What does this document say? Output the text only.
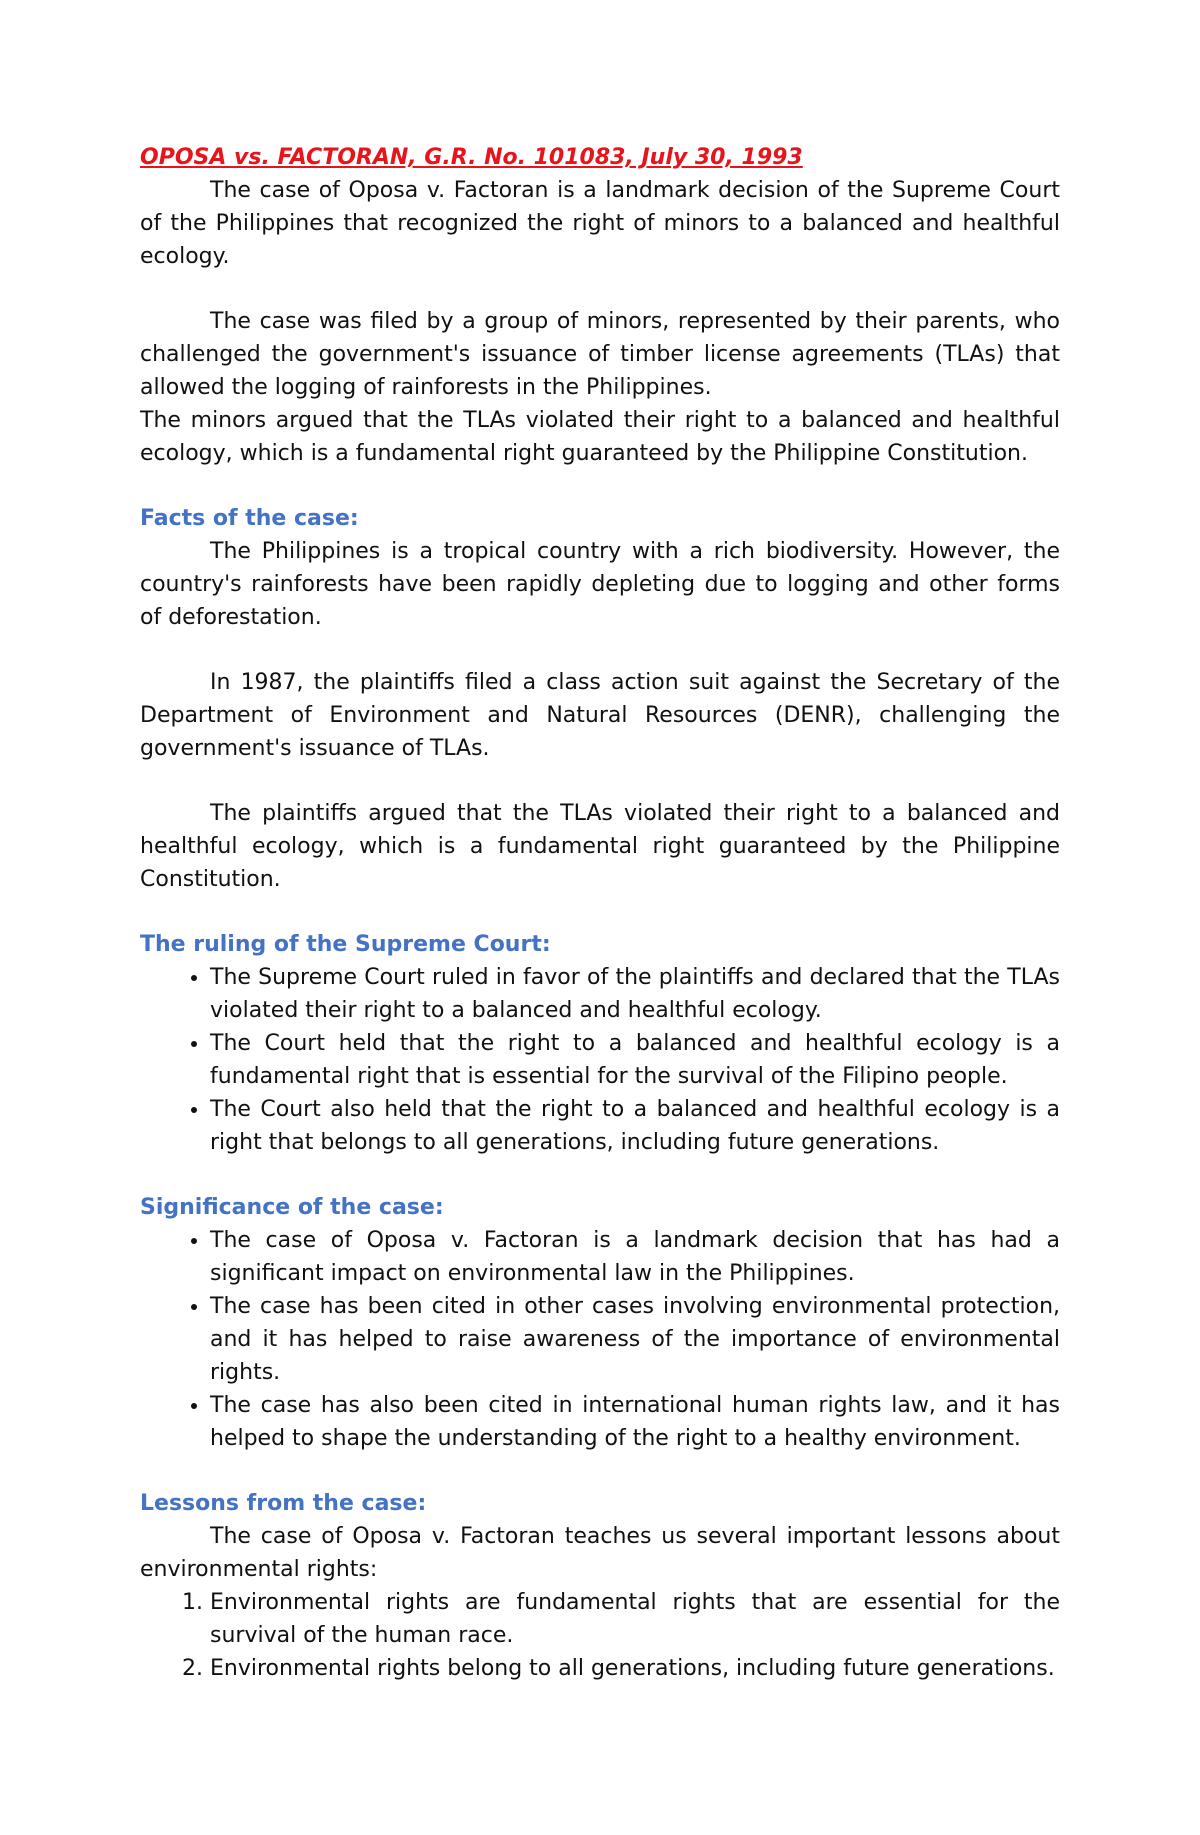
OPOSA vs. FACTORAN, G.R. No. 101083, July 30, 1993

The case of Oposa v. Factoran is a landmark decision of the Supreme Court of the Philippines that recognized the right of minors to a balanced and healthful ecology.

The case was filed by a group of minors, represented by their parents, who challenged the government's issuance of timber license agreements (TLAs) that allowed the logging of rainforests in the Philippines.

The minors argued that the TLAs violated their right to a balanced and healthful ecology, which is a fundamental right guaranteed by the Philippine Constitution.

Facts of the case:

The Philippines is a tropical country with a rich biodiversity. However, the country's rainforests have been rapidly depleting due to logging and other forms of deforestation.

In 1987, the plaintiffs filed a class action suit against the Secretary of the Department of Environment and Natural Resources (DENR), challenging the government's issuance of TLAs.

The plaintiffs argued that the TLAs violated their right to a balanced and healthful ecology, which is a fundamental right guaranteed by the Philippine Constitution.

The ruling of the Supreme Court:
• The Supreme Court ruled in favor of the plaintiffs and declared that the TLAs violated their right to a balanced and healthful ecology.
• The Court held that the right to a balanced and healthful ecology is a fundamental right that is essential for the survival of the Filipino people.
• The Court also held that the right to a balanced and healthful ecology is a right that belongs to all generations, including future generations.
Significance of the case:
• The case of Oposa v. Factoran is a landmark decision that has had a significant impact on environmental law in the Philippines.
• The case has been cited in other cases involving environmental protection, and it has helped to raise awareness of the importance of environmental rights.
• The case has also been cited in international human rights law, and it has helped to shape the understanding of the right to a healthy environment.
Lessons from the case:

The case of Oposa v. Factoran teaches us several important lessons about environmental rights:

1. Environmental rights are fundamental rights that are essential for the survival of the human race.
2. Environmental rights belong to all generations, including future generations.
